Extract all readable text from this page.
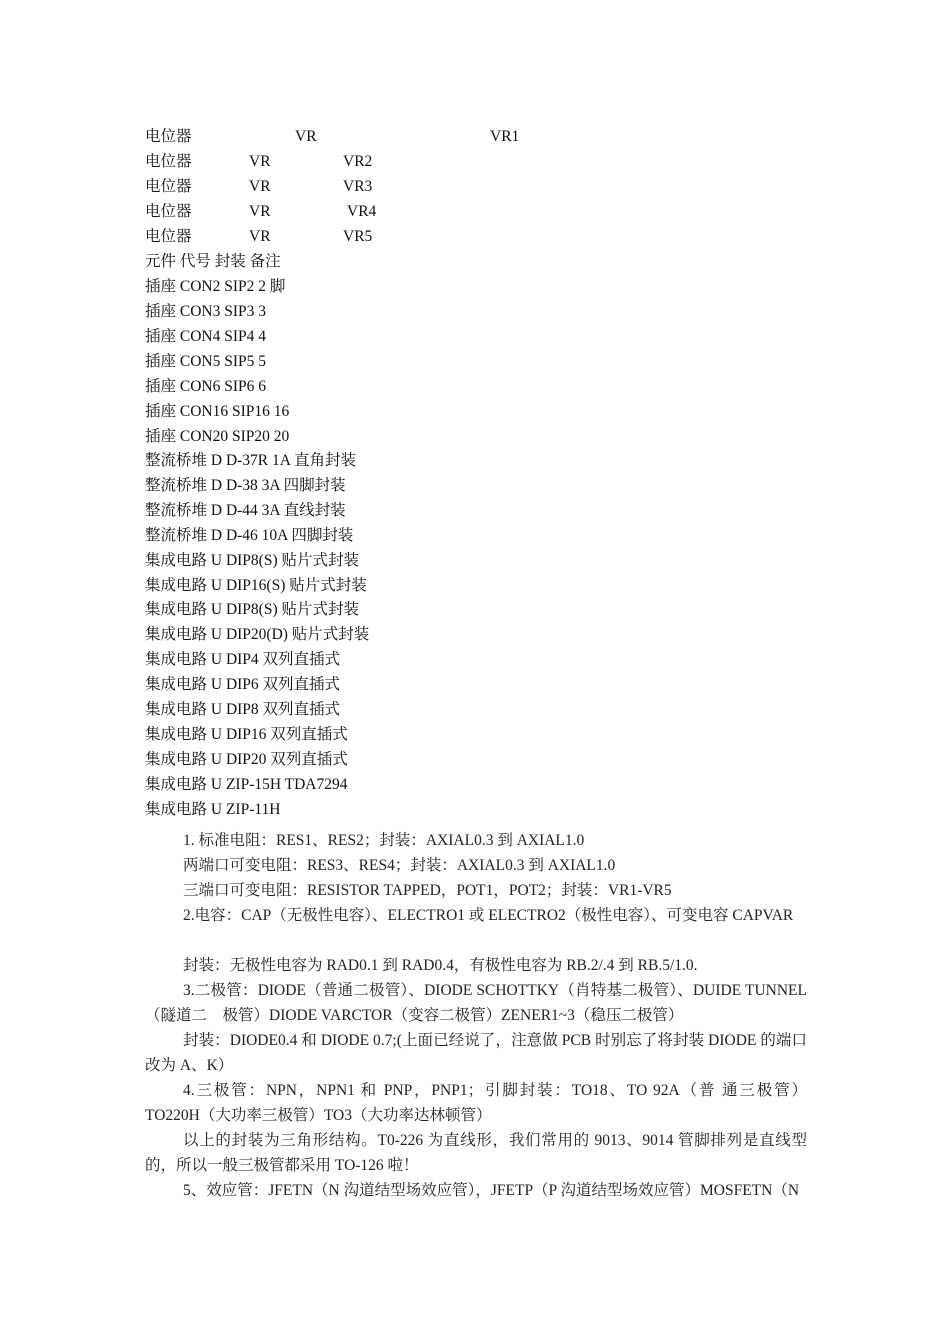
电位器	VR	VR1
电位器	VR	VR2
电位器	VR	VR3
电位器	VR	VR4
电位器	VR	VR5
元件 代号 封装 备注
插座 CON2 SIP2 2 脚
插座 CON3 SIP3 3
插座 CON4 SIP4 4
插座 CON5 SIP5 5
插座 CON6 SIP6 6
插座 CON16 SIP16 16
插座 CON20 SIP20 20
整流桥堆 D D-37R 1A 直角封装
整流桥堆 D D-38 3A 四脚封装
整流桥堆 D D-44 3A 直线封装
整流桥堆 D D-46 10A 四脚封装
集成电路 U DIP8(S) 贴片式封装
集成电路 U DIP16(S) 贴片式封装
集成电路 U DIP8(S) 贴片式封装
集成电路 U DIP20(D) 贴片式封装
集成电路 U DIP4 双列直插式
集成电路 U DIP6 双列直插式
集成电路 U DIP8 双列直插式
集成电路 U DIP16 双列直插式
集成电路 U DIP20 双列直插式
集成电路 U ZIP-15H TDA7294
集成电路 U ZIP-11H
1. 标准电阻：RES1、RES2；封装：AXIAL0.3 到 AXIAL1.0
两端口可变电阻：RES3、RES4；封装：AXIAL0.3 到 AXIAL1.0
三端口可变电阻：RESISTOR TAPPED，POT1，POT2；封装：VR1-VR5
2.电容：CAP（无极性电容）、ELECTRO1 或 ELECTRO2（极性电容）、可变电容 CAPVAR
封装：无极性电容为 RAD0.1 到 RAD0.4，有极性电容为 RB.2/.4 到 RB.5/1.0.
3.二极管：DIODE（普通二极管）、DIODE SCHOTTKY（肖特基二极管）、DUIDE TUNNEL（隧道二　极管）DIODE VARCTOR（变容二极管）ZENER1~3（稳压二极管）
封装：DIODE0.4 和 DIODE 0.7;(上面已经说了，注意做 PCB 时别忘了将封装 DIODE 的端口改为 A、K）
4.三极管：NPN，NPN1 和 PNP，PNP1；引脚封装：TO18、TO 92A（普 通三极管）TO220H（大功率三极管）TO3（大功率达林顿管）
以上的封装为三角形结构。T0-226 为直线形，我们常用的 9013、9014 管脚排列是直线型的，所以一般三极管都采用 TO-126 啦！
5、效应管：JFETN（N 沟道结型场效应管），JFETP（P 沟道结型场效应管）MOSFETN（N
